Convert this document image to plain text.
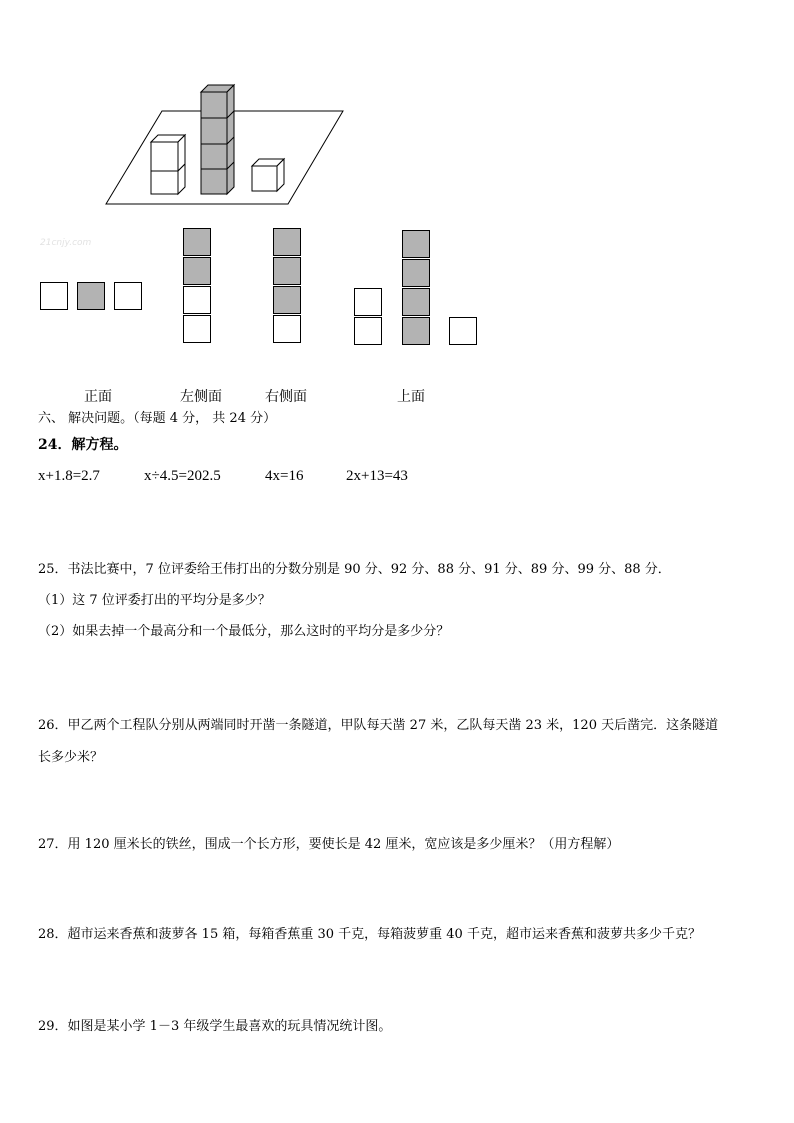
21cnjy.com
正面	左侧面	右侧面	上面
六、 解决问题。（每题 4 分， 共 24 分）
24．解方程。
x+1.8=2.7	x÷4.5=202.5	4x=16	2x+13=43
25．书法比赛中，7 位评委给王伟打出的分数分别是 90 分、92 分、88 分、91 分、89 分、99 分、88 分．
（1）这 7 位评委打出的平均分是多少？
（2）如果去掉一个最高分和一个最低分，那么这时的平均分是多少分？
26．甲乙两个工程队分别从两端同时开凿一条隧道，甲队每天凿 27 米，乙队每天凿 23 米，120 天后凿完．这条隧道
长多少米？
27．用 120 厘米长的铁丝，围成一个长方形，要使长是 42 厘米，宽应该是多少厘米？（用方程解）
28．超市运来香蕉和菠萝各 15 箱，每箱香蕉重 30 千克，每箱菠萝重 40 千克，超市运来香蕉和菠萝共多少千克？
29．如图是某小学 1－3 年级学生最喜欢的玩具情况统计图。
